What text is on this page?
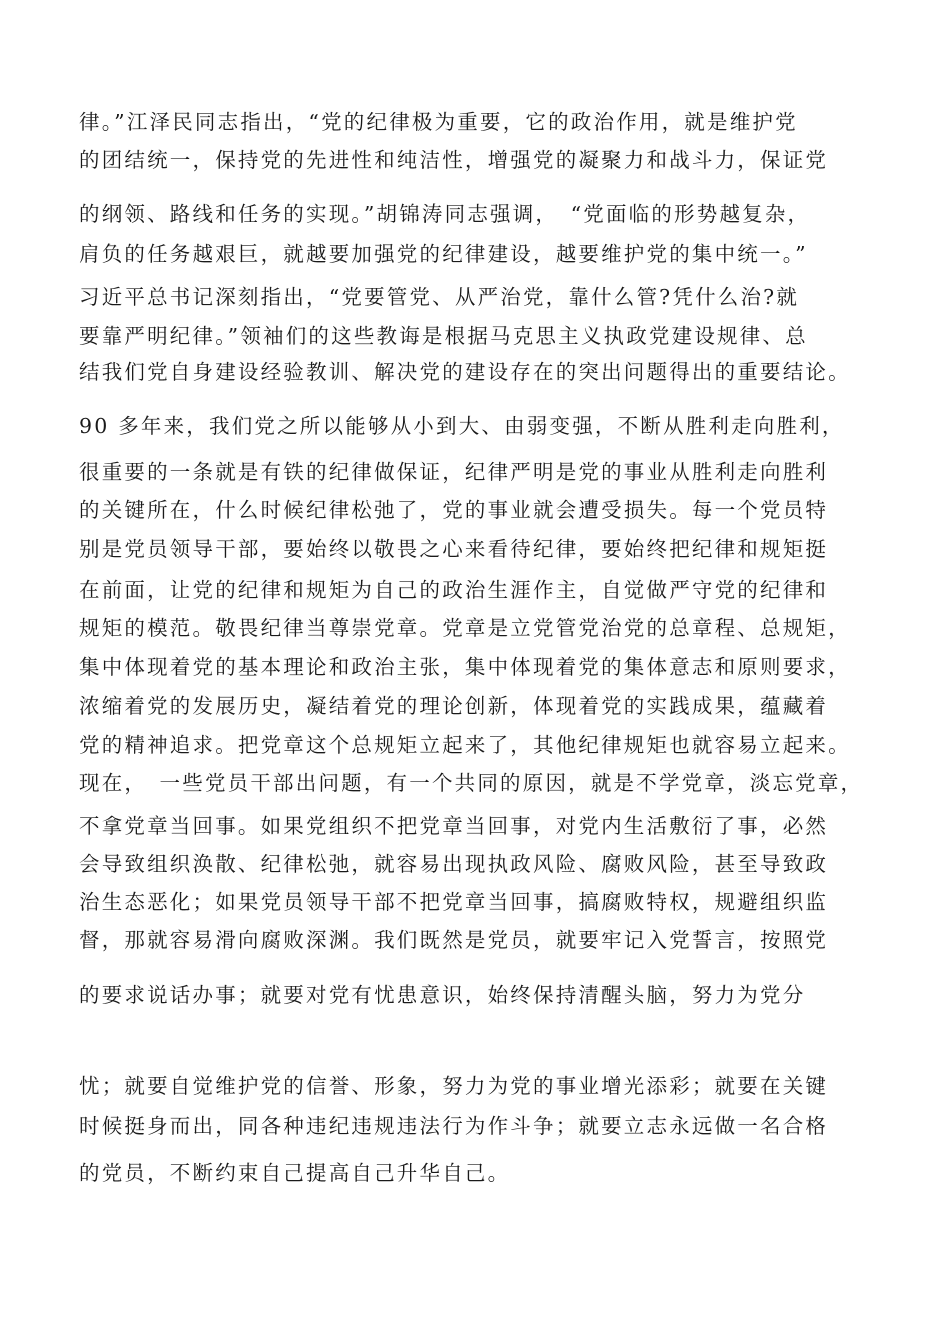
律。”江泽民同志指出，“党的纪律极为重要，它的政治作用，就是维护党

的团结统一，保持党的先进性和纯洁性，增强党的凝聚力和战斗力，保证党

的纲领、路线和任务的实现。”胡锦涛同志强调，　“党面临的形势越复杂，

肩负的任务越艰巨，就越要加强党的纪律建设，越要维护党的集中统一。”

习近平总书记深刻指出，“党要管党、从严治党，靠什么管?凭什么治?就

要靠严明纪律。”领袖们的这些教诲是根据马克思主义执政党建设规律、总

结我们党自身建设经验教训、解决党的建设存在的突出问题得出的重要结论。

90 多年来，我们党之所以能够从小到大、由弱变强，不断从胜利走向胜利，

很重要的一条就是有铁的纪律做保证，纪律严明是党的事业从胜利走向胜利

的关键所在，什么时候纪律松弛了，党的事业就会遭受损失。每一个党员特

别是党员领导干部，要始终以敬畏之心来看待纪律，要始终把纪律和规矩挺

在前面，让党的纪律和规矩为自己的政治生涯作主，自觉做严守党的纪律和

规矩的模范。敬畏纪律当尊崇党章。党章是立党管党治党的总章程、总规矩，

集中体现着党的基本理论和政治主张，集中体现着党的集体意志和原则要求，

浓缩着党的发展历史，凝结着党的理论创新，体现着党的实践成果，蕴藏着

党的精神追求。把党章这个总规矩立起来了，其他纪律规矩也就容易立起来。

现在，　一些党员干部出问题，有一个共同的原因，就是不学党章，淡忘党章，

不拿党章当回事。如果党组织不把党章当回事，对党内生活敷衍了事，必然

会导致组织涣散、纪律松弛，就容易出现执政风险、腐败风险，甚至导致政

治生态恶化；如果党员领导干部不把党章当回事，搞腐败特权，规避组织监

督，那就容易滑向腐败深渊。我们既然是党员，就要牢记入党誓言，按照党

的要求说话办事；就要对党有忧患意识，始终保持清醒头脑，努力为党分

忧；就要自觉维护党的信誉、形象，努力为党的事业增光添彩；就要在关键

时候挺身而出，同各种违纪违规违法行为作斗争；就要立志永远做一名合格

的党员，不断约束自己提高自己升华自己。
